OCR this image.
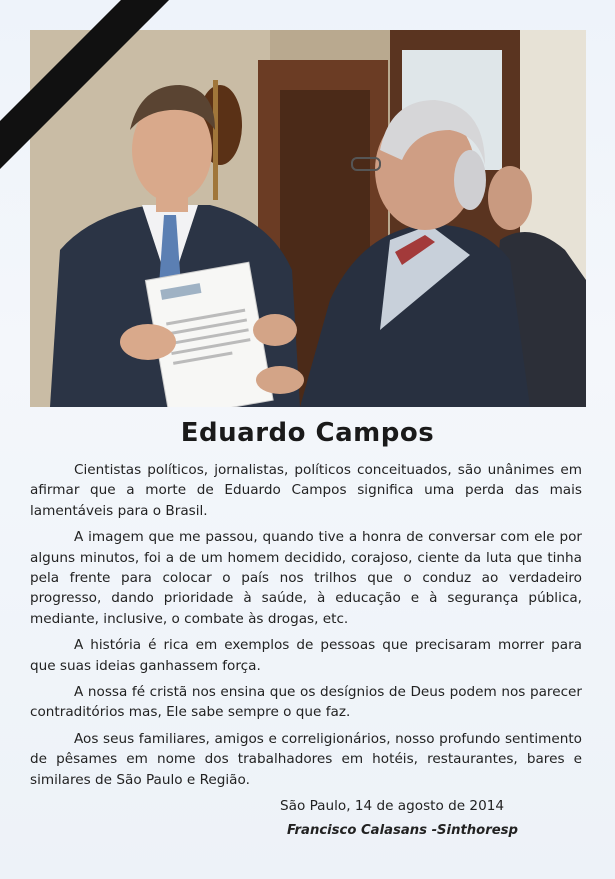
Eduardo Campos

Cientistas políticos, jornalistas, políticos conceituados, são unânimes em afirmar que a morte de Eduardo Campos significa uma perda das mais lamentáveis para o Brasil.

A imagem que me passou, quando tive a honra de conversar com ele por alguns minutos, foi a de um homem decidido, corajoso, ciente da luta que tinha pela frente para colocar o país nos trilhos que o conduz ao verdadeiro progresso, dando prioridade à saúde, à educação e à segurança pública, mediante, inclusive, o combate às drogas, etc.

A história é rica em exemplos de pessoas que precisaram morrer para que suas ideias ganhassem força.

A nossa fé cristã nos ensina que os desígnios de Deus podem nos parecer contraditórios mas, Ele sabe sempre o que faz.

Aos seus familiares, amigos e correligionários, nosso profundo sentimento de pêsames em nome dos trabalhadores em hotéis, restaurantes, bares e similares de São Paulo e Região.

São Paulo, 14 de agosto de 2014
Francisco Calasans -Sinthoresp
